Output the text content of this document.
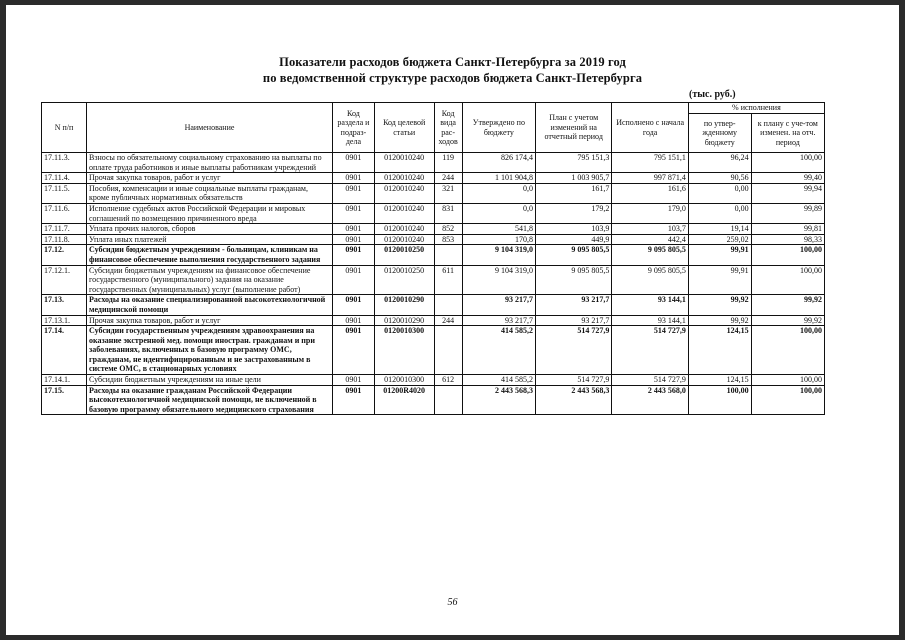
Показатели расходов бюджета Санкт-Петербурга за 2019 год
по ведомственной структуре расходов бюджета Санкт-Петербурга
(тыс. руб.)
N п/п	Наименование	Код раздела и подраз-дела	Код целевой статьи	Код вида рас-ходов	Утверждено по бюджету	План с учетом изменений на отчетный период	Исполнено с начала года	% исполнения	
								по утвер-жденному бюджету	к плану с уче-том изменен. на отч. период
17.11.3.	Взносы по обязательному социальному страхованию на выплаты по оплате труда работников и иные выплаты работникам учреждений	0901	0120010240	119	826 174,4	795 151,3	795 151,1	96,24	100,00
17.11.4.	Прочая закупка товаров, работ и услуг	0901	0120010240	244	1 101 904,8	1 003 905,7	997 871,4	90,56	99,40
17.11.5.	Пособия, компенсации и иные социальные выплаты гражданам, кроме публичных нормативных обязательств	0901	0120010240	321	0,0	161,7	161,6	0,00	99,94
17.11.6.	Исполнение судебных актов Российской Федерации и мировых соглашений по возмещению причиненного вреда	0901	0120010240	831	0,0	179,2	179,0	0,00	99,89
17.11.7.	Уплата прочих налогов, сборов	0901	0120010240	852	541,8	103,9	103,7	19,14	99,81
17.11.8.	Уплата иных платежей	0901	0120010240	853	170,8	449,9	442,4	259,02	98,33
17.12.	Субсидии бюджетным учреждениям - больницам, клиникам на финансовое обеспечение выполнения государственного задания	0901	0120010250		9 104 319,0	9 095 805,5	9 095 805,5	99,91	100,00
17.12.1.	Субсидии бюджетным учреждениям на финансовое обеспечение государственного (муниципального) задания на оказание государственных (муниципальных) услуг (выполнение работ)	0901	0120010250	611	9 104 319,0	9 095 805,5	9 095 805,5	99,91	100,00
17.13.	Расходы на оказание специализированной высокотехнологичной медицинской помощи	0901	0120010290		93 217,7	93 217,7	93 144,1	99,92	99,92
17.13.1.	Прочая закупка товаров, работ и услуг	0901	0120010290	244	93 217,7	93 217,7	93 144,1	99,92	99,92
17.14.	Субсидии государственным учреждениям здравоохранения на оказание экстренной мед. помощи иностран. гражданам и при заболеваниях, включенных в базовую программу ОМС, гражданам, не идентифицированным и не застрахованным в системе ОМС, в стационарных условиях	0901	0120010300		414 585,2	514 727,9	514 727,9	124,15	100,00
17.14.1.	Субсидии бюджетным учреждениям на иные цели	0901	0120010300	612	414 585,2	514 727,9	514 727,9	124,15	100,00
17.15.	Расходы на оказание гражданам Российской Федерации высокотехнологичной медицинской помощи, не включенной в базовую программу обязательного медицинского страхования	0901	01200R4020		2 443 568,3	2 443 568,3	2 443 568,0	100,00	100,00
56
